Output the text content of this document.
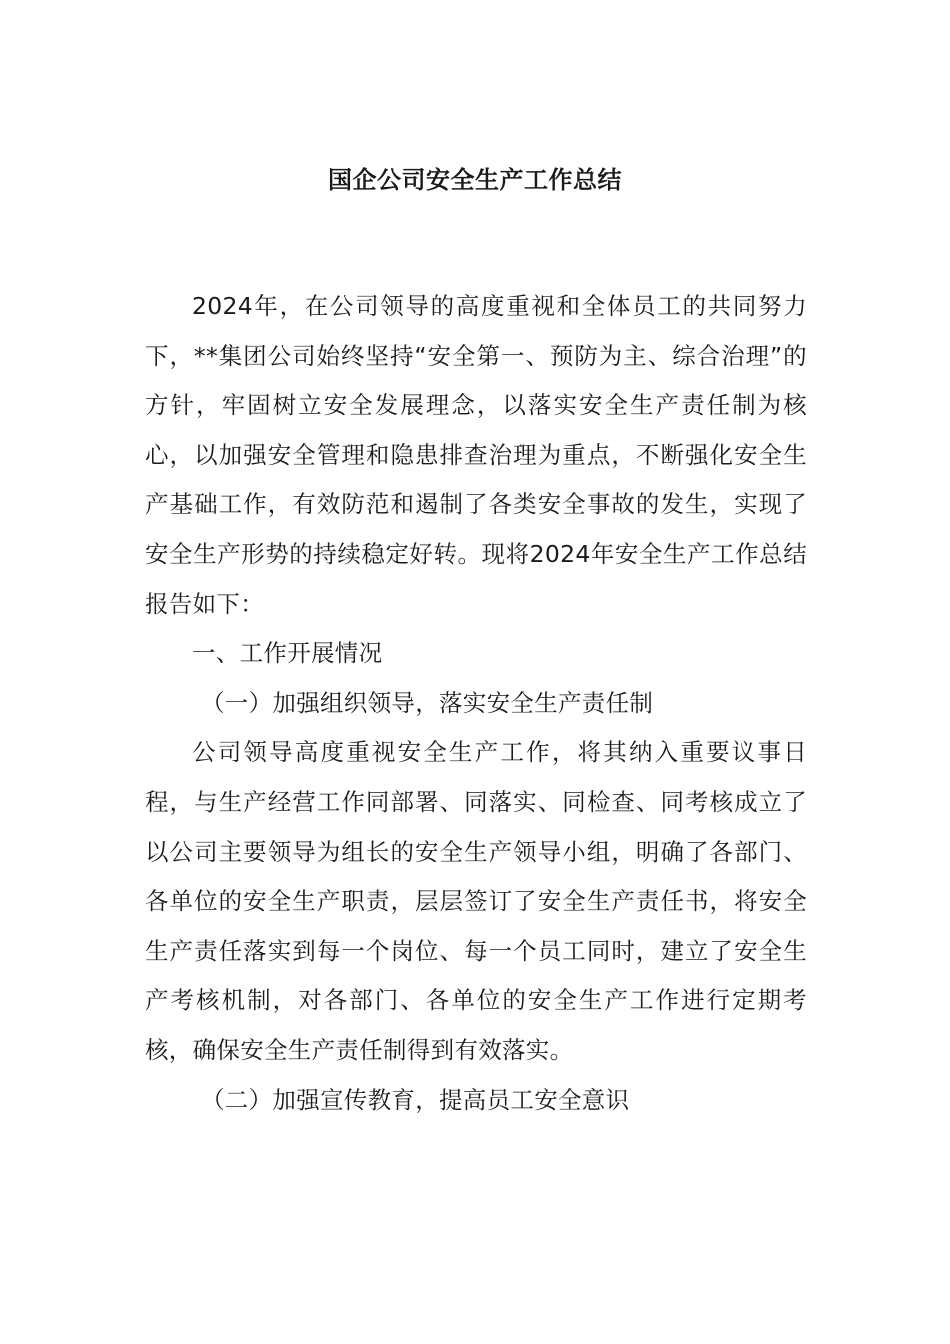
国企公司安全生产工作总结

2024年，在公司领导的高度重视和全体员工的共同努力下，**集团公司始终坚持“安全第一、预防为主、综合治理”的方针，牢固树立安全发展理念，以落实安全生产责任制为核心，以加强安全管理和隐患排查治理为重点，不断强化安全生产基础工作，有效防范和遏制了各类安全事故的发生，实现了安全生产形势的持续稳定好转。现将2024年安全生产工作总结报告如下：

一、工作开展情况

（一）加强组织领导，落实安全生产责任制

公司领导高度重视安全生产工作，将其纳入重要议事日程，与生产经营工作同部署、同落实、同检查、同考核成立了以公司主要领导为组长的安全生产领导小组，明确了各部门、各单位的安全生产职责，层层签订了安全生产责任书，将安全生产责任落实到每一个岗位、每一个员工同时，建立了安全生产考核机制，对各部门、各单位的安全生产工作进行定期考核，确保安全生产责任制得到有效落实。

（二）加强宣传教育，提高员工安全意识
